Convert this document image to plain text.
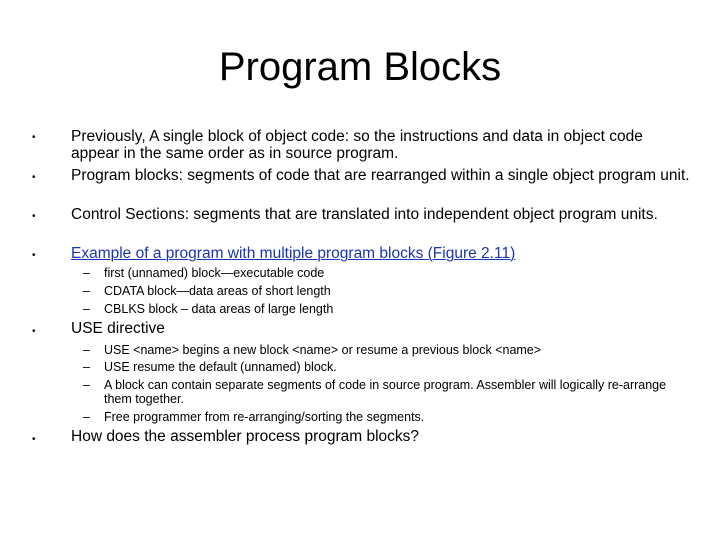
Program Blocks
• Previously, A single block of object code: so the instructions and data in object code appear in the same order as in source program.
• Program blocks: segments of code that are rearranged within a single object program unit.
• Control Sections: segments that are translated into independent object program units.
• Example of a program with multiple program blocks (Figure 2.11)
– first (unnamed) block—executable code
– CDATA block—data areas of short length
– CBLKS block – data areas of large length
• USE directive
– USE <name> begins a new block <name> or resume a previous block <name>
– USE resume the default (unnamed) block.
– A block can contain separate segments of code in source program. Assembler will logically re-arrange them together.
– Free programmer from re-arranging/sorting the segments.
• How does the assembler process program blocks?
